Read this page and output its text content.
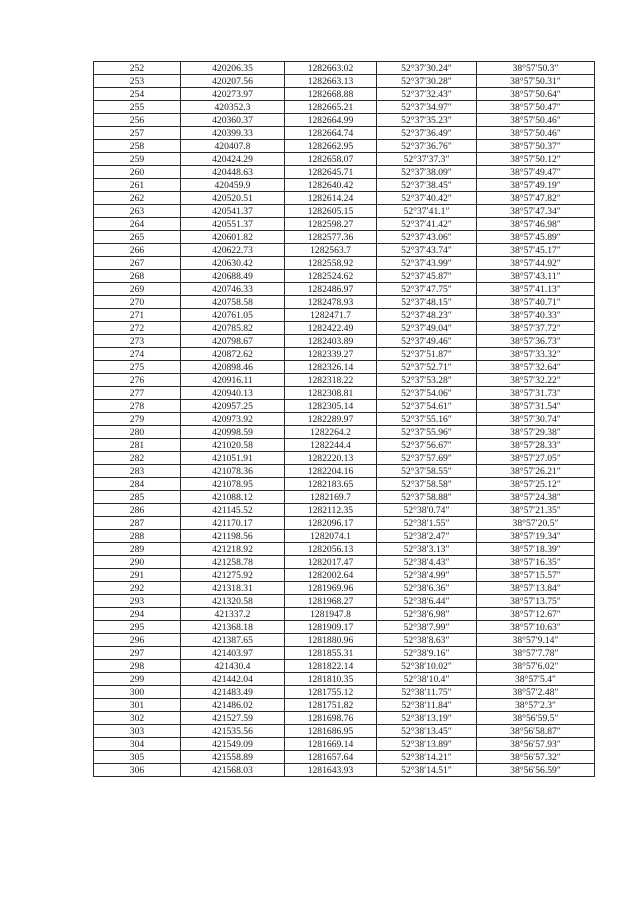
252	420206.35	1282663.02	52°37′30.24″	38°57′50.3″
253	420207.56	1282663.13	52°37′30.28″	38°57′50.31″
254	420273.97	1282668.88	52°37′32.43″	38°57′50.64″
255	420352.3	1282665.21	52°37′34.97″	38°57′50.47″
256	420360.37	1282664.99	52°37′35.23″	38°57′50.46″
257	420399.33	1282664.74	52°37′36.49″	38°57′50.46″
258	420407.8	1282662.95	52°37′36.76″	38°57′50.37″
259	420424.29	1282658.07	52°37′37.3″	38°57′50.12″
260	420448.63	1282645.71	52°37′38.09″	38°57′49.47″
261	420459.9	1282640.42	52°37′38.45″	38°57′49.19″
262	420520.51	1282614.24	52°37′40.42″	38°57′47.82″
263	420541.37	1282605.15	52°37′41.1″	38°57′47.34″
264	420551.37	1282598.27	52°37′41.42″	38°57′46.98″
265	420601.82	1282577.36	52°37′43.06″	38°57′45.89″
266	420622.73	1282563.7	52°37′43.74″	38°57′45.17″
267	420630.42	1282558.92	52°37′43.99″	38°57′44.92″
268	420688.49	1282524.62	52°37′45.87″	38°57′43.11″
269	420746.33	1282486.97	52°37′47.75″	38°57′41.13″
270	420758.58	1282478.93	52°37′48.15″	38°57′40.71″
271	420761.05	1282471.7	52°37′48.23″	38°57′40.33″
272	420785.82	1282422.49	52°37′49.04″	38°57′37.72″
273	420798.67	1282403.89	52°37′49.46″	38°57′36.73″
274	420872.62	1282339.27	52°37′51.87″	38°57′33.32″
275	420898.46	1282326.14	52°37′52.71″	38°57′32.64″
276	420916.11	1282318.22	52°37′53.28″	38°57′32.22″
277	420940.13	1282308.81	52°37′54.06″	38°57′31.73″
278	420957.25	1282305.14	52°37′54.61″	38°57′31.54″
279	420973.92	1282289.97	52°37′55.16″	38°57′30.74″
280	420998.59	1282264.2	52°37′55.96″	38°57′29.38″
281	421020.58	1282244.4	52°37′56.67″	38°57′28.33″
282	421051.91	1282220.13	52°37′57.69″	38°57′27.05″
283	421078.36	1282204.16	52°37′58.55″	38°57′26.21″
284	421078.95	1282183.65	52°37′58.58″	38°57′25.12″
285	421088.12	1282169.7	52°37′58.88″	38°57′24.38″
286	421145.52	1282112.35	52°38′0.74″	38°57′21.35″
287	421170.17	1282096.17	52°38′1.55″	38°57′20.5″
288	421198.56	1282074.1	52°38′2.47″	38°57′19.34″
289	421218.92	1282056.13	52°38′3.13″	38°57′18.39″
290	421258.78	1282017.47	52°38′4.43″	38°57′16.35″
291	421275.92	1282002.64	52°38′4.99″	38°57′15.57″
292	421318.31	1281969.96	52°38′6.36″	38°57′13.84″
293	421320.58	1281968.27	52°38′6.44″	38°57′13.75″
294	421337.2	1281947.8	52°38′6.98″	38°57′12.67″
295	421368.18	1281909.17	52°38′7.99″	38°57′10.63″
296	421387.65	1281880.96	52°38′8.63″	38°57′9.14″
297	421403.97	1281855.31	52°38′9.16″	38°57′7.78″
298	421430.4	1281822.14	52°38′10.02″	38°57′6.02″
299	421442.04	1281810.35	52°38′10.4″	38°57′5.4″
300	421483.49	1281755.12	52°38′11.75″	38°57′2.48″
301	421486.02	1281751.82	52°38′11.84″	38°57′2.3″
302	421527.59	1281698.76	52°38′13.19″	38°56′59.5″
303	421535.56	1281686.95	52°38′13.45″	38°56′58.87″
304	421549.09	1281669.14	52°38′13.89″	38°56′57.93″
305	421558.89	1281657.64	52°38′14.21″	38°56′57.32″
306	421568.03	1281643.93	52°38′14.51″	38°56′56.59″
